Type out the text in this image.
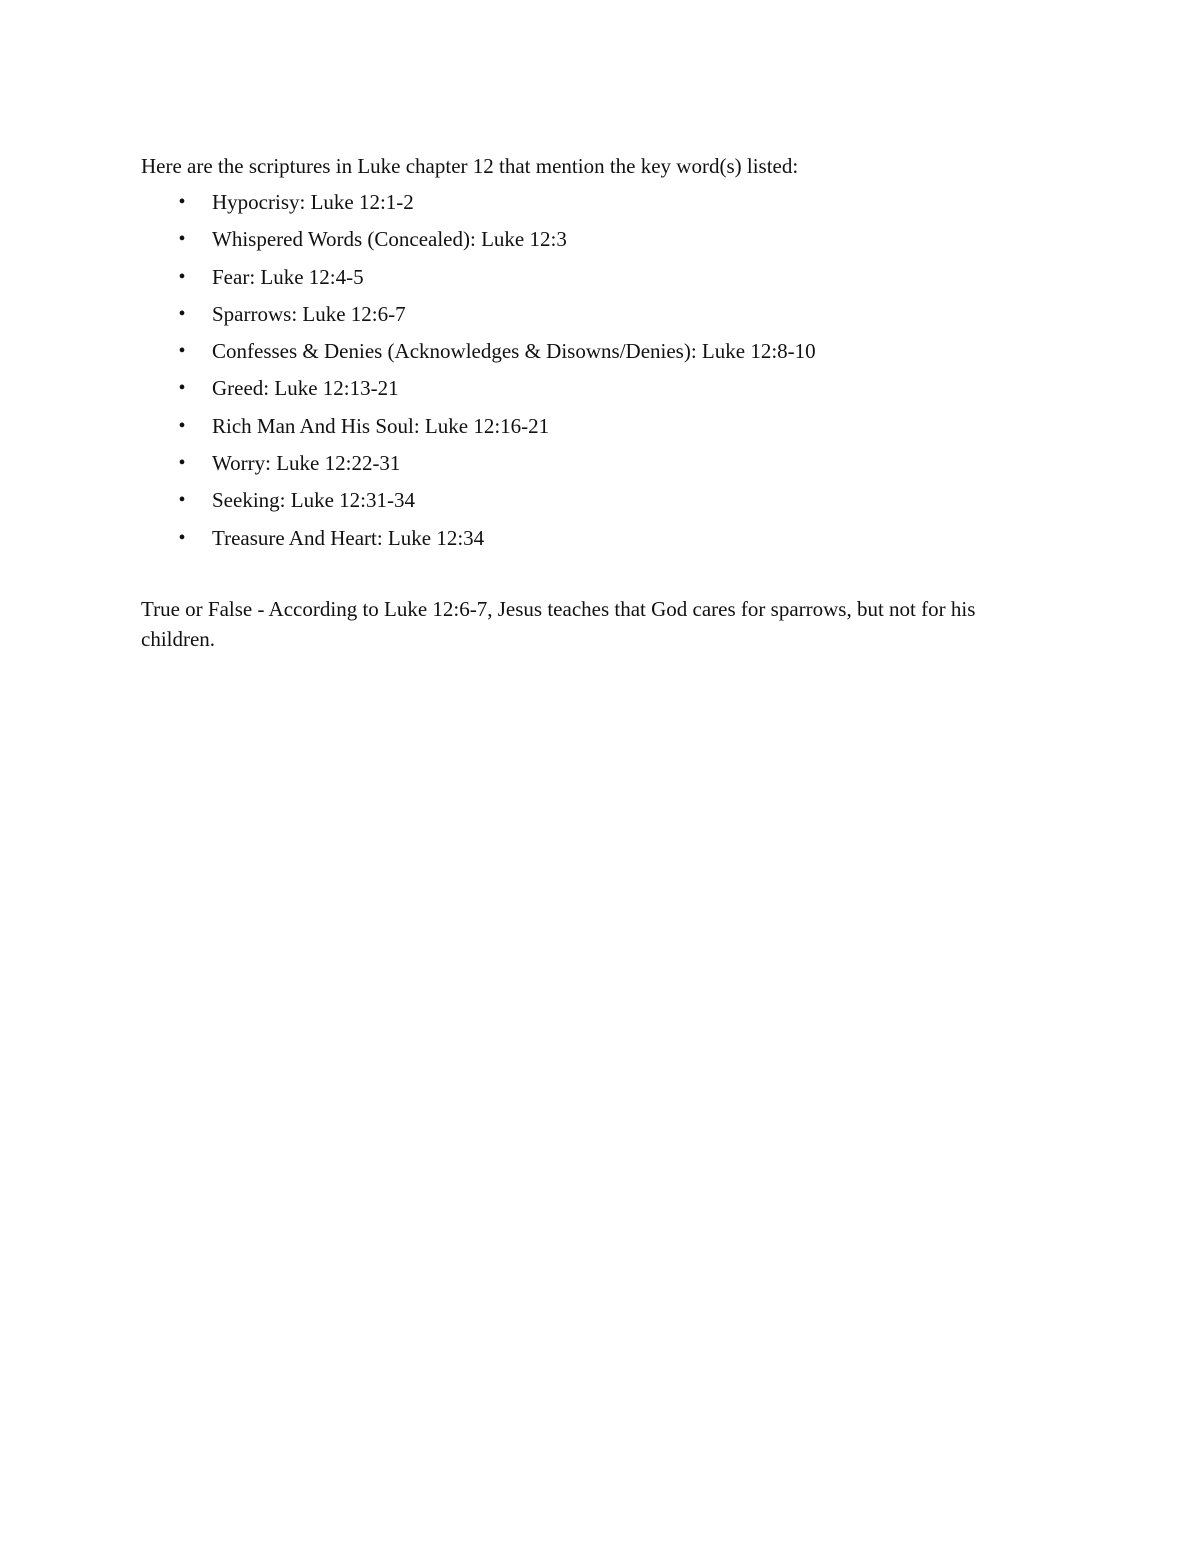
Here are the scriptures in Luke chapter 12 that mention the key word(s) listed:

• Hypocrisy: Luke 12:1-2
• Whispered Words (Concealed): Luke 12:3
• Fear: Luke 12:4-5
• Sparrows: Luke 12:6-7
• Confesses & Denies (Acknowledges & Disowns/Denies): Luke 12:8-10
• Greed: Luke 12:13-21
• Rich Man And His Soul: Luke 12:16-21
• Worry: Luke 12:22-31
• Seeking: Luke 12:31-34
• Treasure And Heart: Luke 12:34

True or False - According to Luke 12:6-7, Jesus teaches that God cares for sparrows, but not for his children.
